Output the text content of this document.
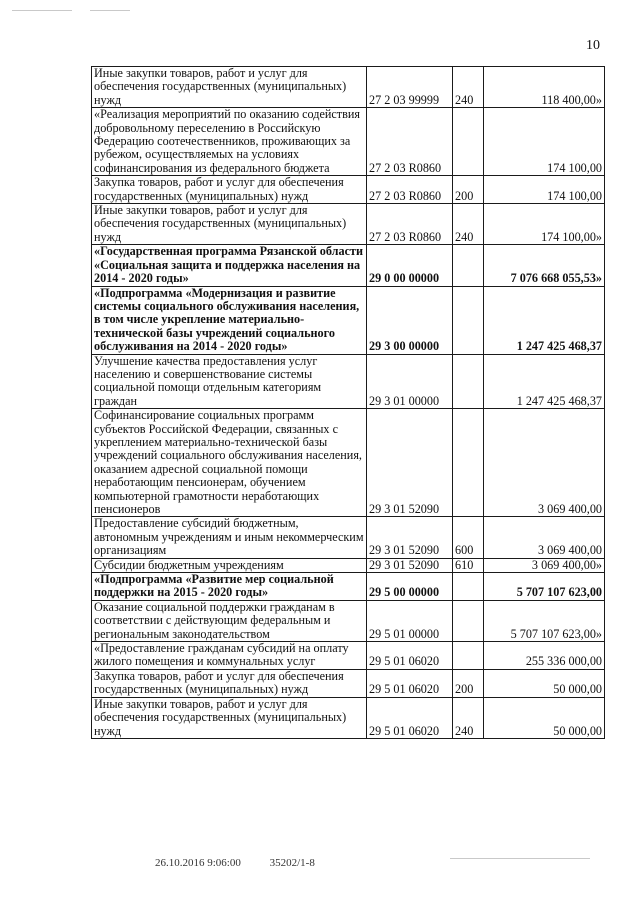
10
Иные закупки товаров, работ и услуг для обеспечения государственных (муниципальных) нужд	27 2 03 99999	240	118 400,00»
«Реализация мероприятий по оказанию содействия добровольному переселению в Российскую Федерацию соотечественников, проживающих за рубежом, осуществляемых на условиях софинансирования из федерального бюджета	27 2 03 R0860		174 100,00
Закупка товаров, работ и услуг для обеспечения государственных (муниципальных) нужд	27 2 03 R0860	200	174 100,00
Иные закупки товаров, работ и услуг для обеспечения государственных (муниципальных) нужд	27 2 03 R0860	240	174 100,00»
«Государственная программа Рязанской области «Социальная защита и поддержка населения на 2014 - 2020 годы»	29 0 00 00000		7 076 668 055,53»
«Подпрограмма «Модернизация и развитие системы социального обслуживания населения, в том числе укрепление материально-технической базы учреждений социального обслуживания на 2014 - 2020 годы»	29 3 00 00000		1 247 425 468,37
Улучшение качества предоставления услуг населению и совершенствование системы социальной помощи отдельным категориям граждан	29 3 01 00000		1 247 425 468,37
Софинансирование социальных программ субъектов Российской Федерации, связанных с укреплением материально-технической базы учреждений социального обслуживания населения, оказанием адресной социальной помощи неработающим пенсионерам, обучением компьютерной грамотности неработающих пенсионеров	29 3 01 52090		3 069 400,00
Предоставление субсидий бюджетным, автономным учреждениям и иным некоммерческим организациям	29 3 01 52090	600	3 069 400,00
Субсидии бюджетным учреждениям	29 3 01 52090	610	3 069 400,00»
«Подпрограмма «Развитие мер социальной поддержки на 2015 - 2020 годы»	29 5 00 00000		5 707 107 623,00
Оказание социальной поддержки гражданам в соответствии с действующим федеральным и региональным законодательством	29 5 01 00000		5 707 107 623,00»
«Предоставление гражданам субсидий на оплату жилого помещения и коммунальных услуг	29 5 01 06020		255 336 000,00
Закупка товаров, работ и услуг для обеспечения государственных (муниципальных) нужд	29 5 01 06020	200	50 000,00
Иные закупки товаров, работ и услуг для обеспечения государственных (муниципальных) нужд	29 5 01 06020	240	50 000,00
26.10.2016 9:06:00	35202/1-8
